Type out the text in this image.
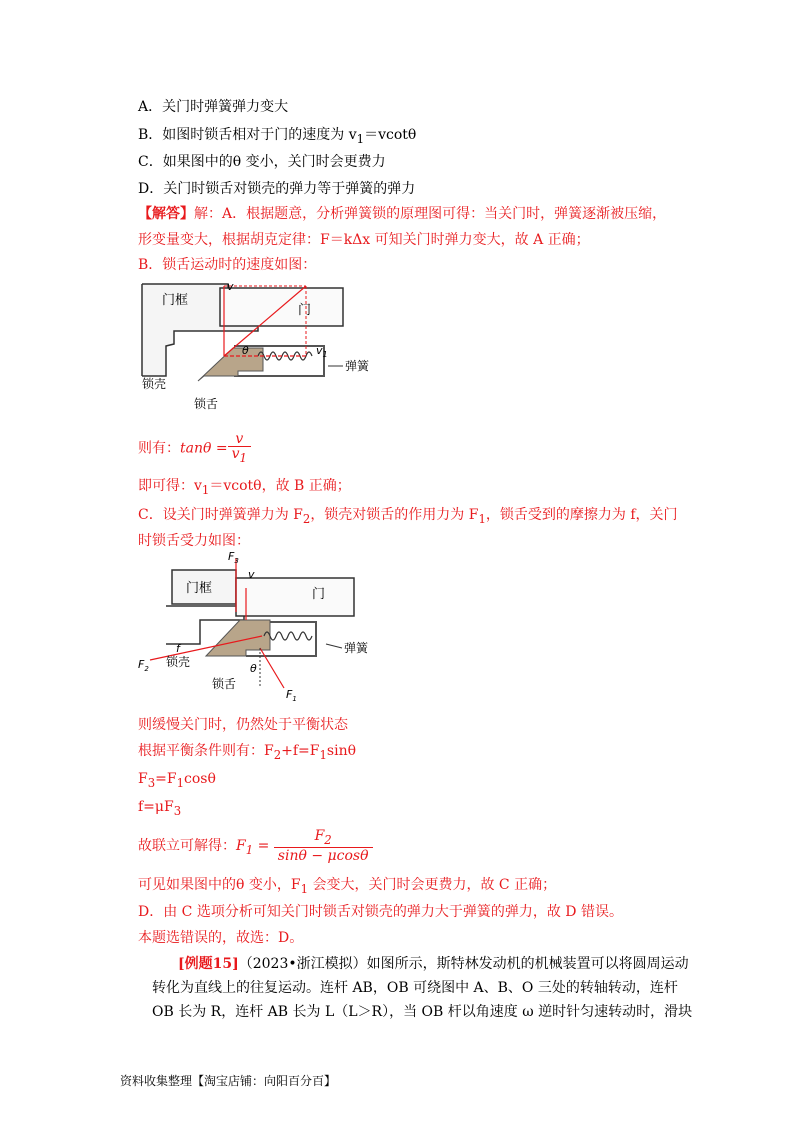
A．关门时弹簧弹力变大
B．如图时锁舌相对于门的速度为 $v_1=vcot\theta$
C．如果图中的θ 变小，关门时会更费力
D．关门时锁舌对锁壳的弹力等于弹簧的弹力
【解答】解：A．根据题意，分析弹簧锁的原理图可得：当关门时，弹簧逐渐被压缩，
形变量变大，根据胡克定律：F＝kΔx 可知关门时弹力变大，故 A 正确；
B．锁舌运动时的速度如图：
门框
门
v
θ	$v_1$
弹簧
锁壳
锁舌
则有：$\tan\theta = \frac{v}{v_1}$
即可得：$v_1=vcot\theta$，故 B 正确；
C．设关门时弹簧弹力为 $F_2$，锁壳对锁舌的作用力为 $F_1$，锁舌受到的摩擦力为 f，关门
时锁舌受力如图：
$F_3$
v
门框	门
弹簧
f
$F_2$ 锁壳	θ
锁舌
$F_1$
则缓慢关门时，仍然处于平衡状态
根据平衡条件则有：$F_2+f=F_1\sin\theta$
$F_3=F_1\cos\theta$
$f=\mu F_3$
故联立可解得：$F_1 = \frac{F_2}{\sin\theta - \mu\cos\theta}$
可见如果图中的θ 变小，$F_1$ 会变大，关门时会更费力，故 C 正确；
D．由 C 选项分析可知关门时锁舌对锁壳的弹力大于弹簧的弹力，故 D 错误。
本题选错误的，故选：D。
[例题15]（2023•浙江模拟）如图所示，斯特林发动机的机械装置可以将圆周运动
转化为直线上的往复运动。连杆 AB，OB 可绕图中 A、B、O 三处的转轴转动，连杆
OB 长为 R，连杆 AB 长为 L（L＞R），当 OB 杆以角速度 ω 逆时针匀速转动时，滑块
资料收集整理【淘宝店铺：向阳百分百】
